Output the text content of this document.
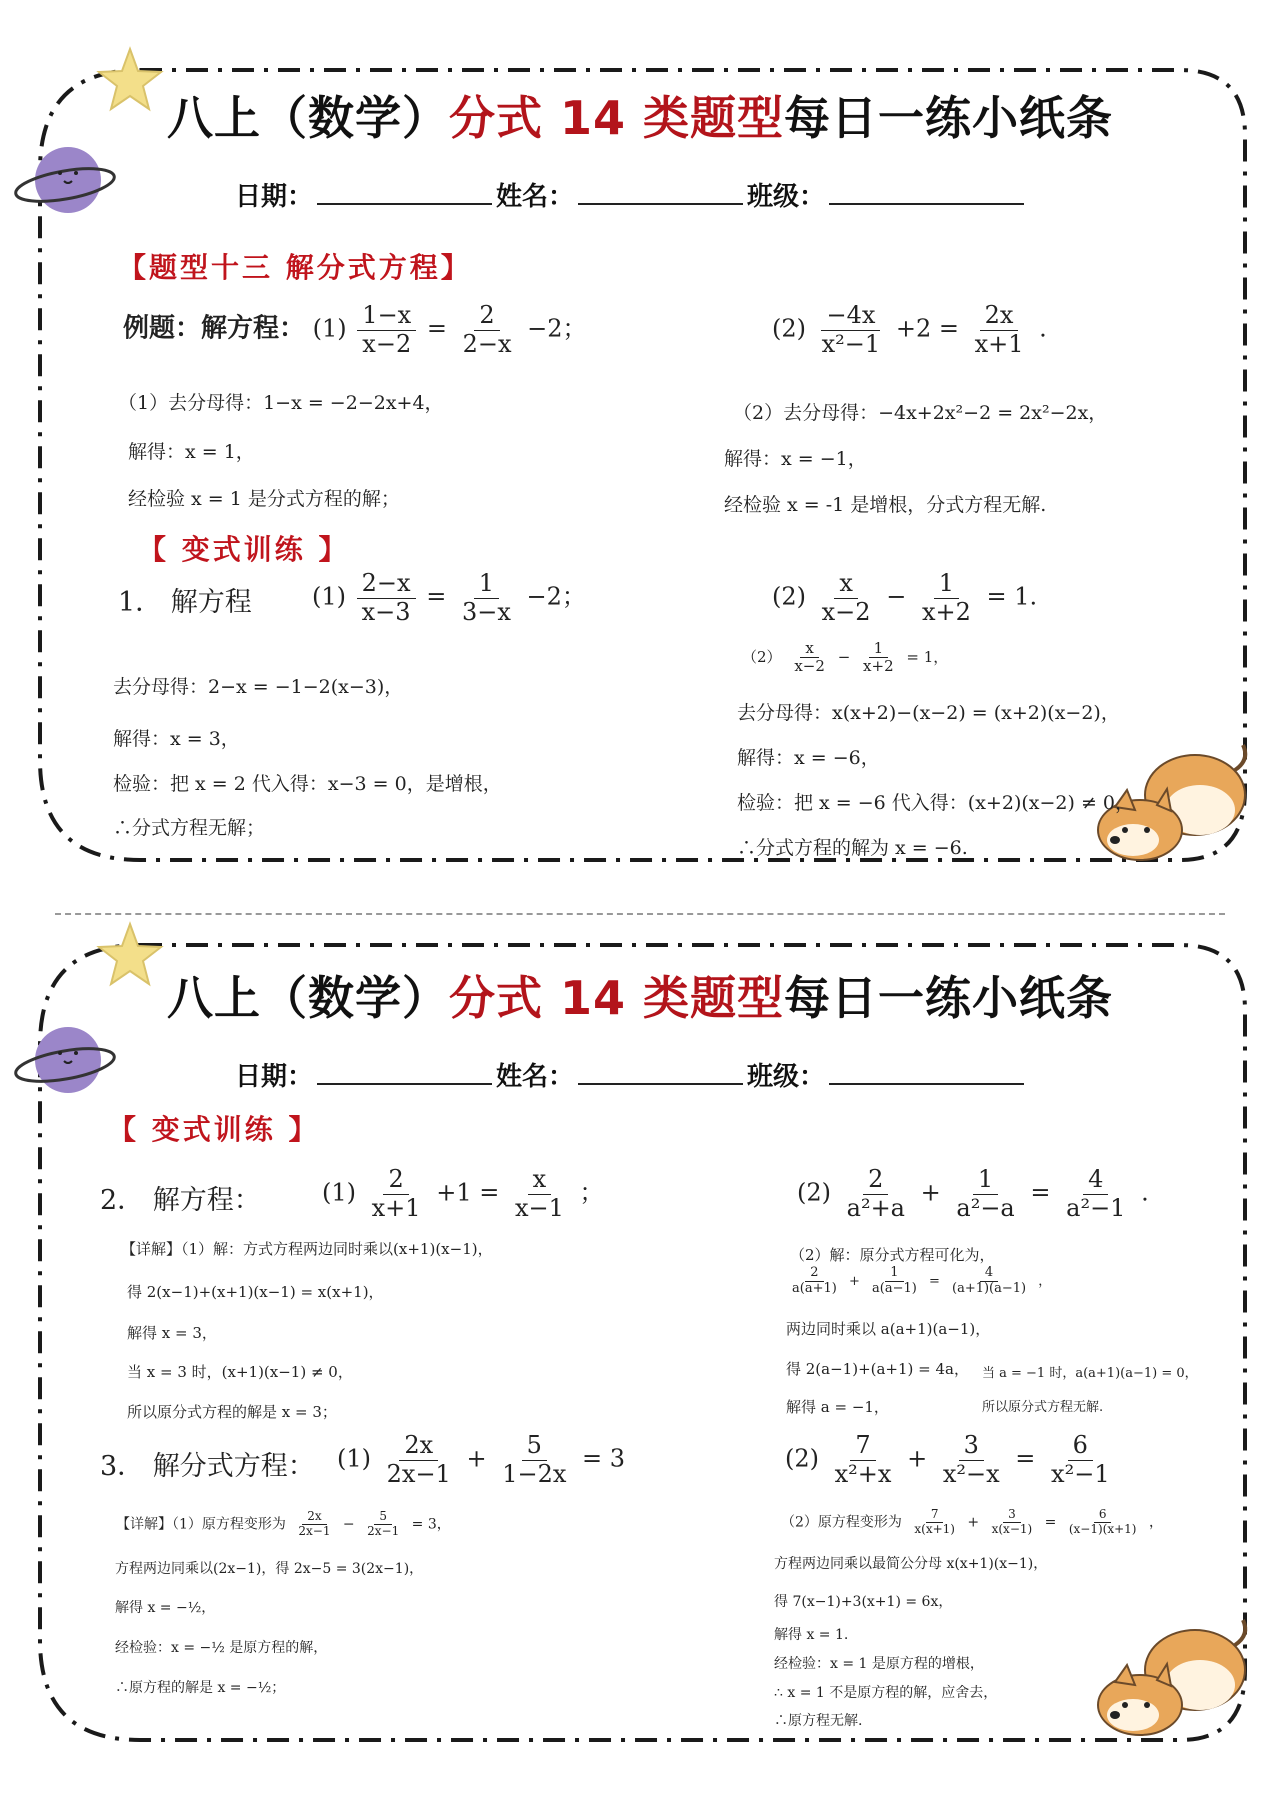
八上（数学）分式 14 类题型每日一练小纸条
日期：	姓名：	班级：
【题型十三 解分式方程】
例题：解方程： $(1) \frac{1-x}{x-2} = \frac{2}{2-x} -2$；	$(2) \frac{-4x}{\text{x²−1}} +2 = \frac{2x}{x+1}$ .
（1）去分母得：1−x = −2−2x+4，
解得：x = 1，
经检验 x = 1 是分式方程的解；
（2）去分母得：−4x+2x²−2 = 2x²−2x，
解得：x = −1，
经检验 x = -1 是增根，分式方程无解.
【 变式训练 】
1． 解方程	$(1) \frac{2-x}{x-3} = \frac{1}{3-x} -2$；	$(2) \frac{x}{x-2} - \frac{1}{x+2} = 1$.
去分母得：2−x = −1−2(x−3)，
解得：x = 3，
检验：把 x = 2 代入得：x−3 = 0，是增根，
∴分式方程无解；
$(2) \frac{x}{x-2} - \frac{1}{x+2} = 1$，
去分母得：x(x+2)−(x−2) = (x+2)(x−2)，
解得：x = −6，
检验：把 x = −6 代入得：(x+2)(x−2) ≠ 0，
∴分式方程的解为 x = −6.
八上（数学）分式 14 类题型每日一练小纸条
日期：	姓名：	班级：
【 变式训练 】
2． 解方程：	$(1) \frac{2}{x+1} +1 = \frac{x}{x-1}$ ；	$(2) \frac{2}{\text{a²+a}} + \frac{1}{\text{a²−a}} = \frac{4}{\text{a²−1}}$ .
【详解】（1）解：方式方程两边同时乘以(x+1)(x−1)，
得 2(x−1)+(x+1)(x−1) = x(x+1)，
解得 x = 3，
当 x = 3 时，(x+1)(x−1) ≠ 0，
所以原分式方程的解是 x = 3；
（2）解：原分式方程可化为，
$\frac{2}{a(a+1)} + \frac{1}{a(a-1)} = \frac{4}{(a+1)(a-1)}$ ，
两边同时乘以 a(a+1)(a−1)，
得 2(a−1)+(a+1) = 4a，
解得 a = −1，
当 a = −1 时，a(a+1)(a−1) = 0，
所以原分式方程无解.
3． 解分式方程： $(1) \frac{2x}{2x-1} + \frac{5}{1-2x} = 3$	$(2) \frac{7}{\text{x²+x}} + \frac{3}{\text{x²−x}} = \frac{6}{\text{x²−1}}$
【详解】（1）原方程变形为 $\frac{2x}{2x-1} - \frac{5}{2x-1} = 3$，
方程两边同乘以(2x−1)，得 2x−5 = 3(2x−1)，
解得 x = −½，
经检验：x = −½ 是原方程的解，
∴原方程的解是 x = −½；
（2）原方程变形为 $\frac{7}{x(x+1)} + \frac{3}{x(x-1)} = \frac{6}{(x-1)(x+1)}$ ，
方程两边同乘以最简公分母 x(x+1)(x−1)，
得 7(x−1)+3(x+1) = 6x，
解得 x = 1.
经检验：x = 1 是原方程的增根，
∴ x = 1 不是原方程的解，应舍去，
∴原方程无解.
